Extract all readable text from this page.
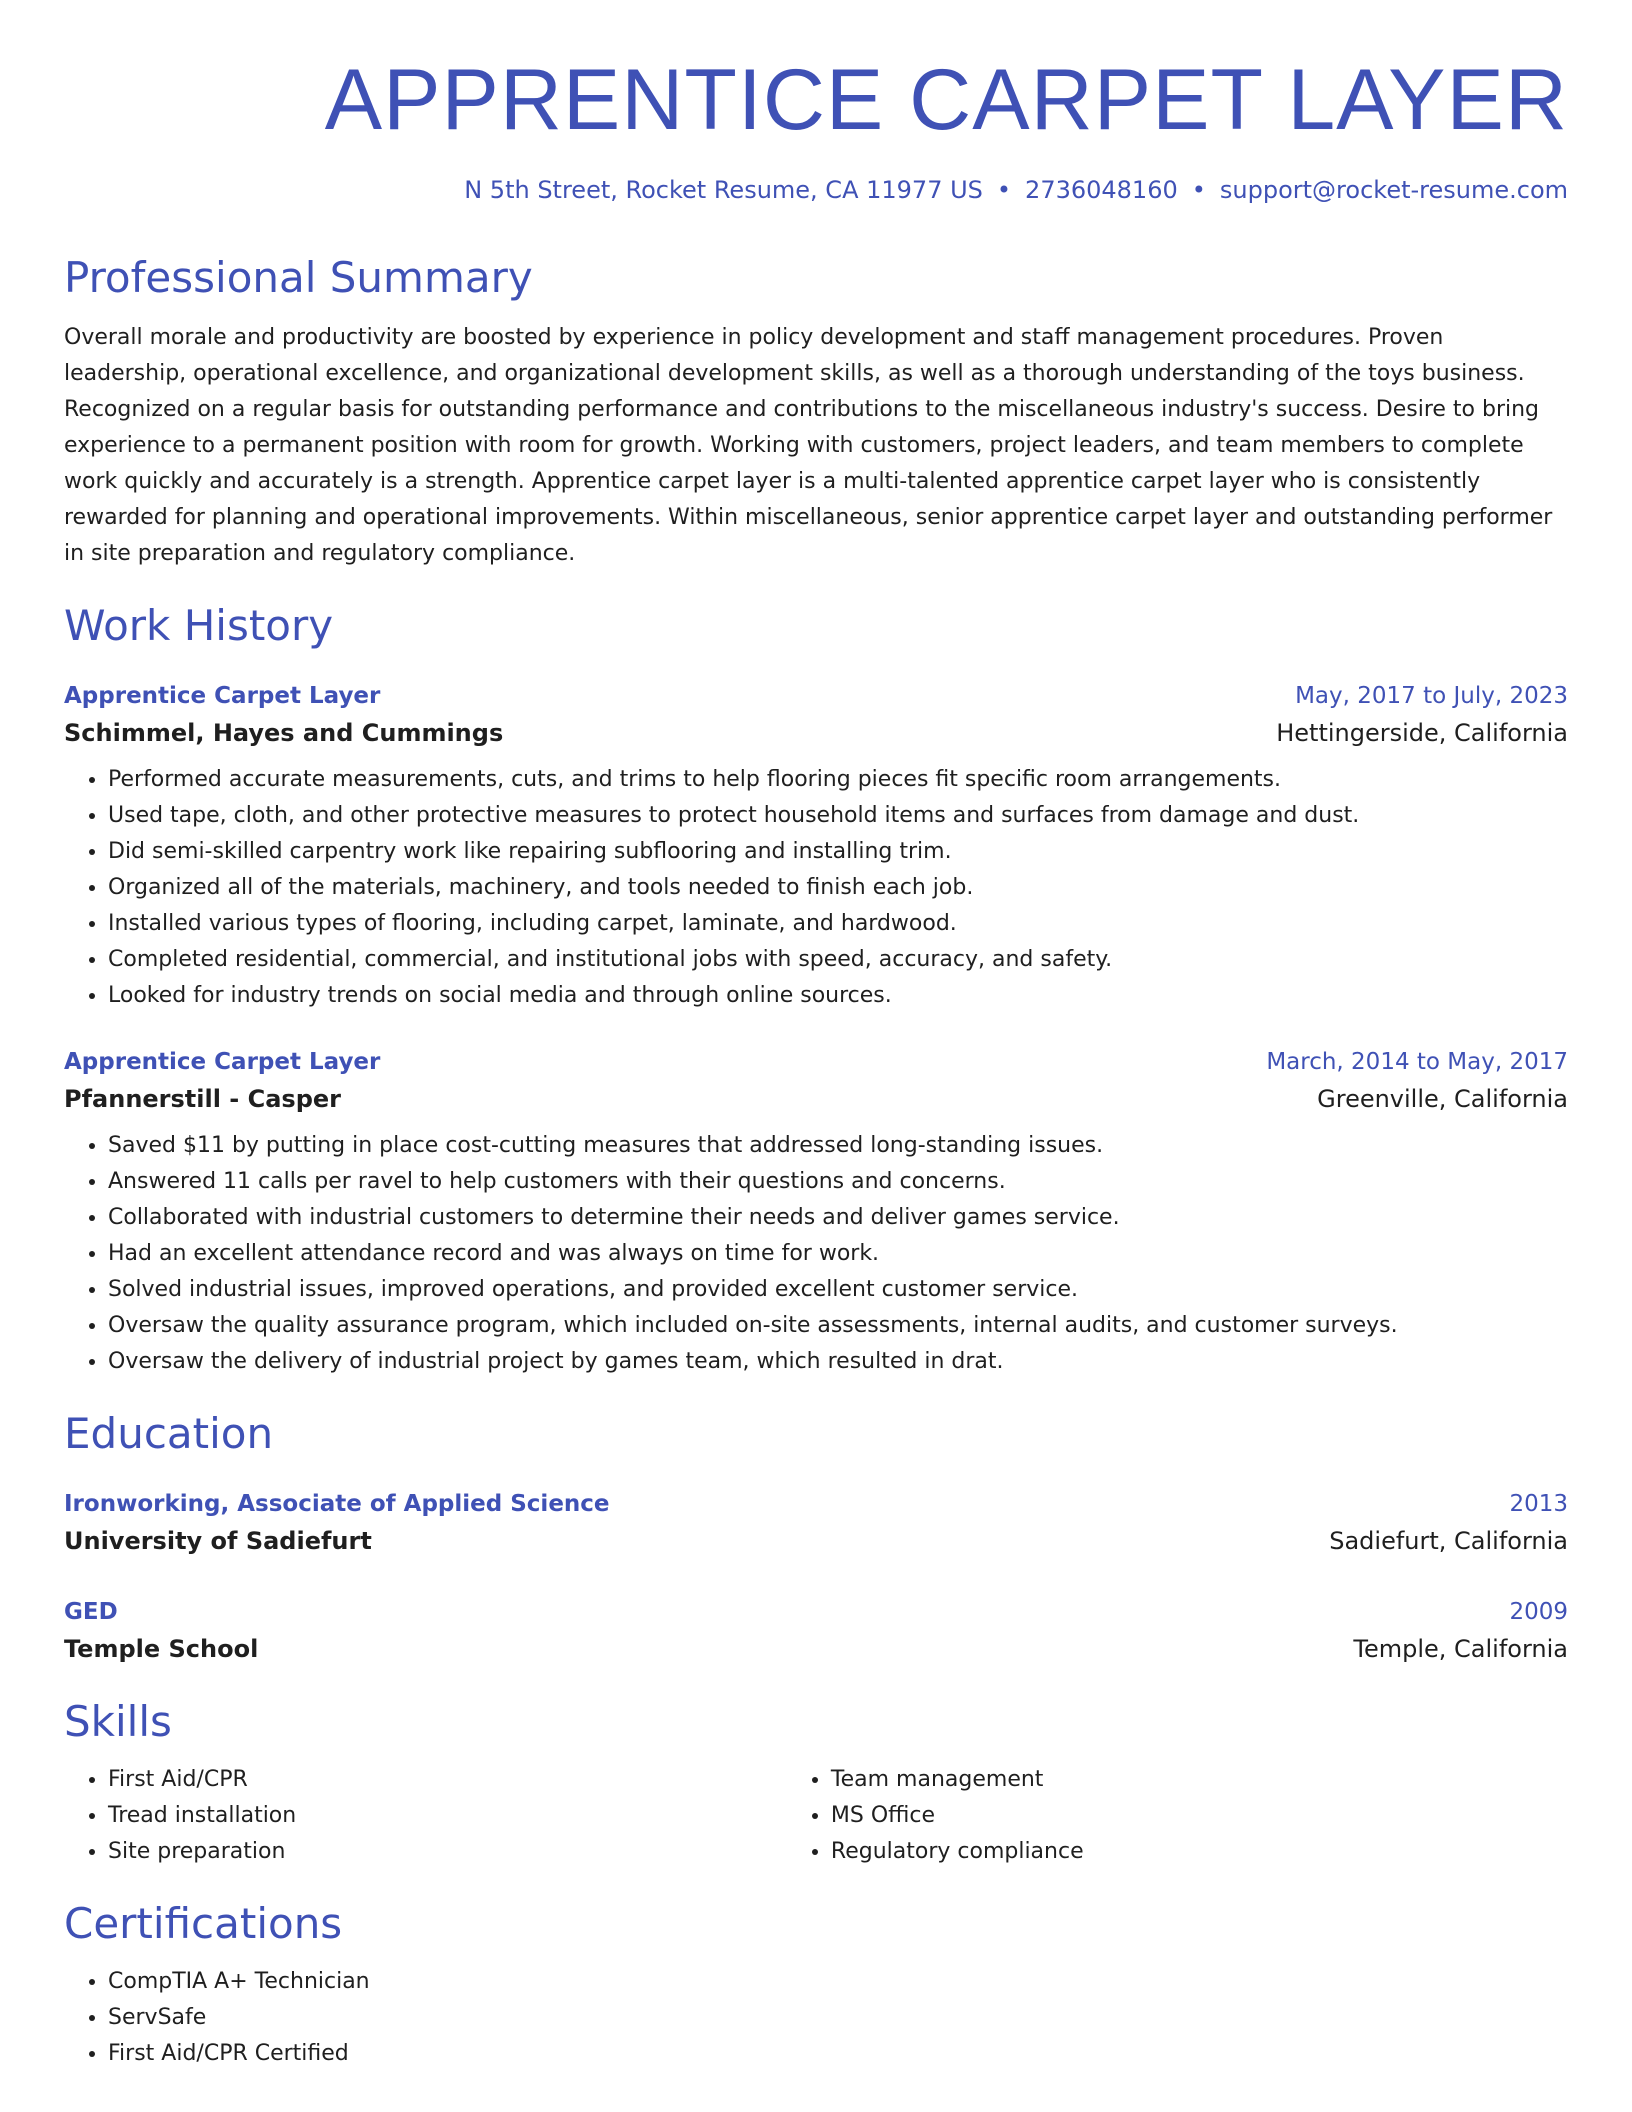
APPRENTICE CARPET LAYER
N 5th Street, Rocket Resume, CA 11977 US • 2736048160 • support@rocket-resume.com
Professional Summary
Overall morale and productivity are boosted by experience in policy development and staff management procedures. Proven leadership, operational excellence, and organizational development skills, as well as a thorough understanding of the toys business. Recognized on a regular basis for outstanding performance and contributions to the miscellaneous industry's success. Desire to bring experience to a permanent position with room for growth. Working with customers, project leaders, and team members to complete work quickly and accurately is a strength. Apprentice carpet layer is a multi-talented apprentice carpet layer who is consistently rewarded for planning and operational improvements. Within miscellaneous, senior apprentice carpet layer and outstanding performer in site preparation and regulatory compliance.
Work History
Apprentice Carpet Layer	May, 2017 to July, 2023
Schimmel, Hayes and Cummings	Hettingerside, California
• Performed accurate measurements, cuts, and trims to help flooring pieces fit specific room arrangements.
• Used tape, cloth, and other protective measures to protect household items and surfaces from damage and dust.
• Did semi-skilled carpentry work like repairing subflooring and installing trim.
• Organized all of the materials, machinery, and tools needed to finish each job.
• Installed various types of flooring, including carpet, laminate, and hardwood.
• Completed residential, commercial, and institutional jobs with speed, accuracy, and safety.
• Looked for industry trends on social media and through online sources.
Apprentice Carpet Layer	March, 2014 to May, 2017
Pfannerstill - Casper	Greenville, California
• Saved $11 by putting in place cost-cutting measures that addressed long-standing issues.
• Answered 11 calls per ravel to help customers with their questions and concerns.
• Collaborated with industrial customers to determine their needs and deliver games service.
• Had an excellent attendance record and was always on time for work.
• Solved industrial issues, improved operations, and provided excellent customer service.
• Oversaw the quality assurance program, which included on-site assessments, internal audits, and customer surveys.
• Oversaw the delivery of industrial project by games team, which resulted in drat.
Education
Ironworking, Associate of Applied Science	2013
University of Sadiefurt	Sadiefurt, California
GED	2009
Temple School	Temple, California
Skills
• First Aid/CPR
• Tread installation
• Site preparation
• Team management
• MS Office
• Regulatory compliance
Certifications
• CompTIA A+ Technician
• ServSafe
• First Aid/CPR Certified
